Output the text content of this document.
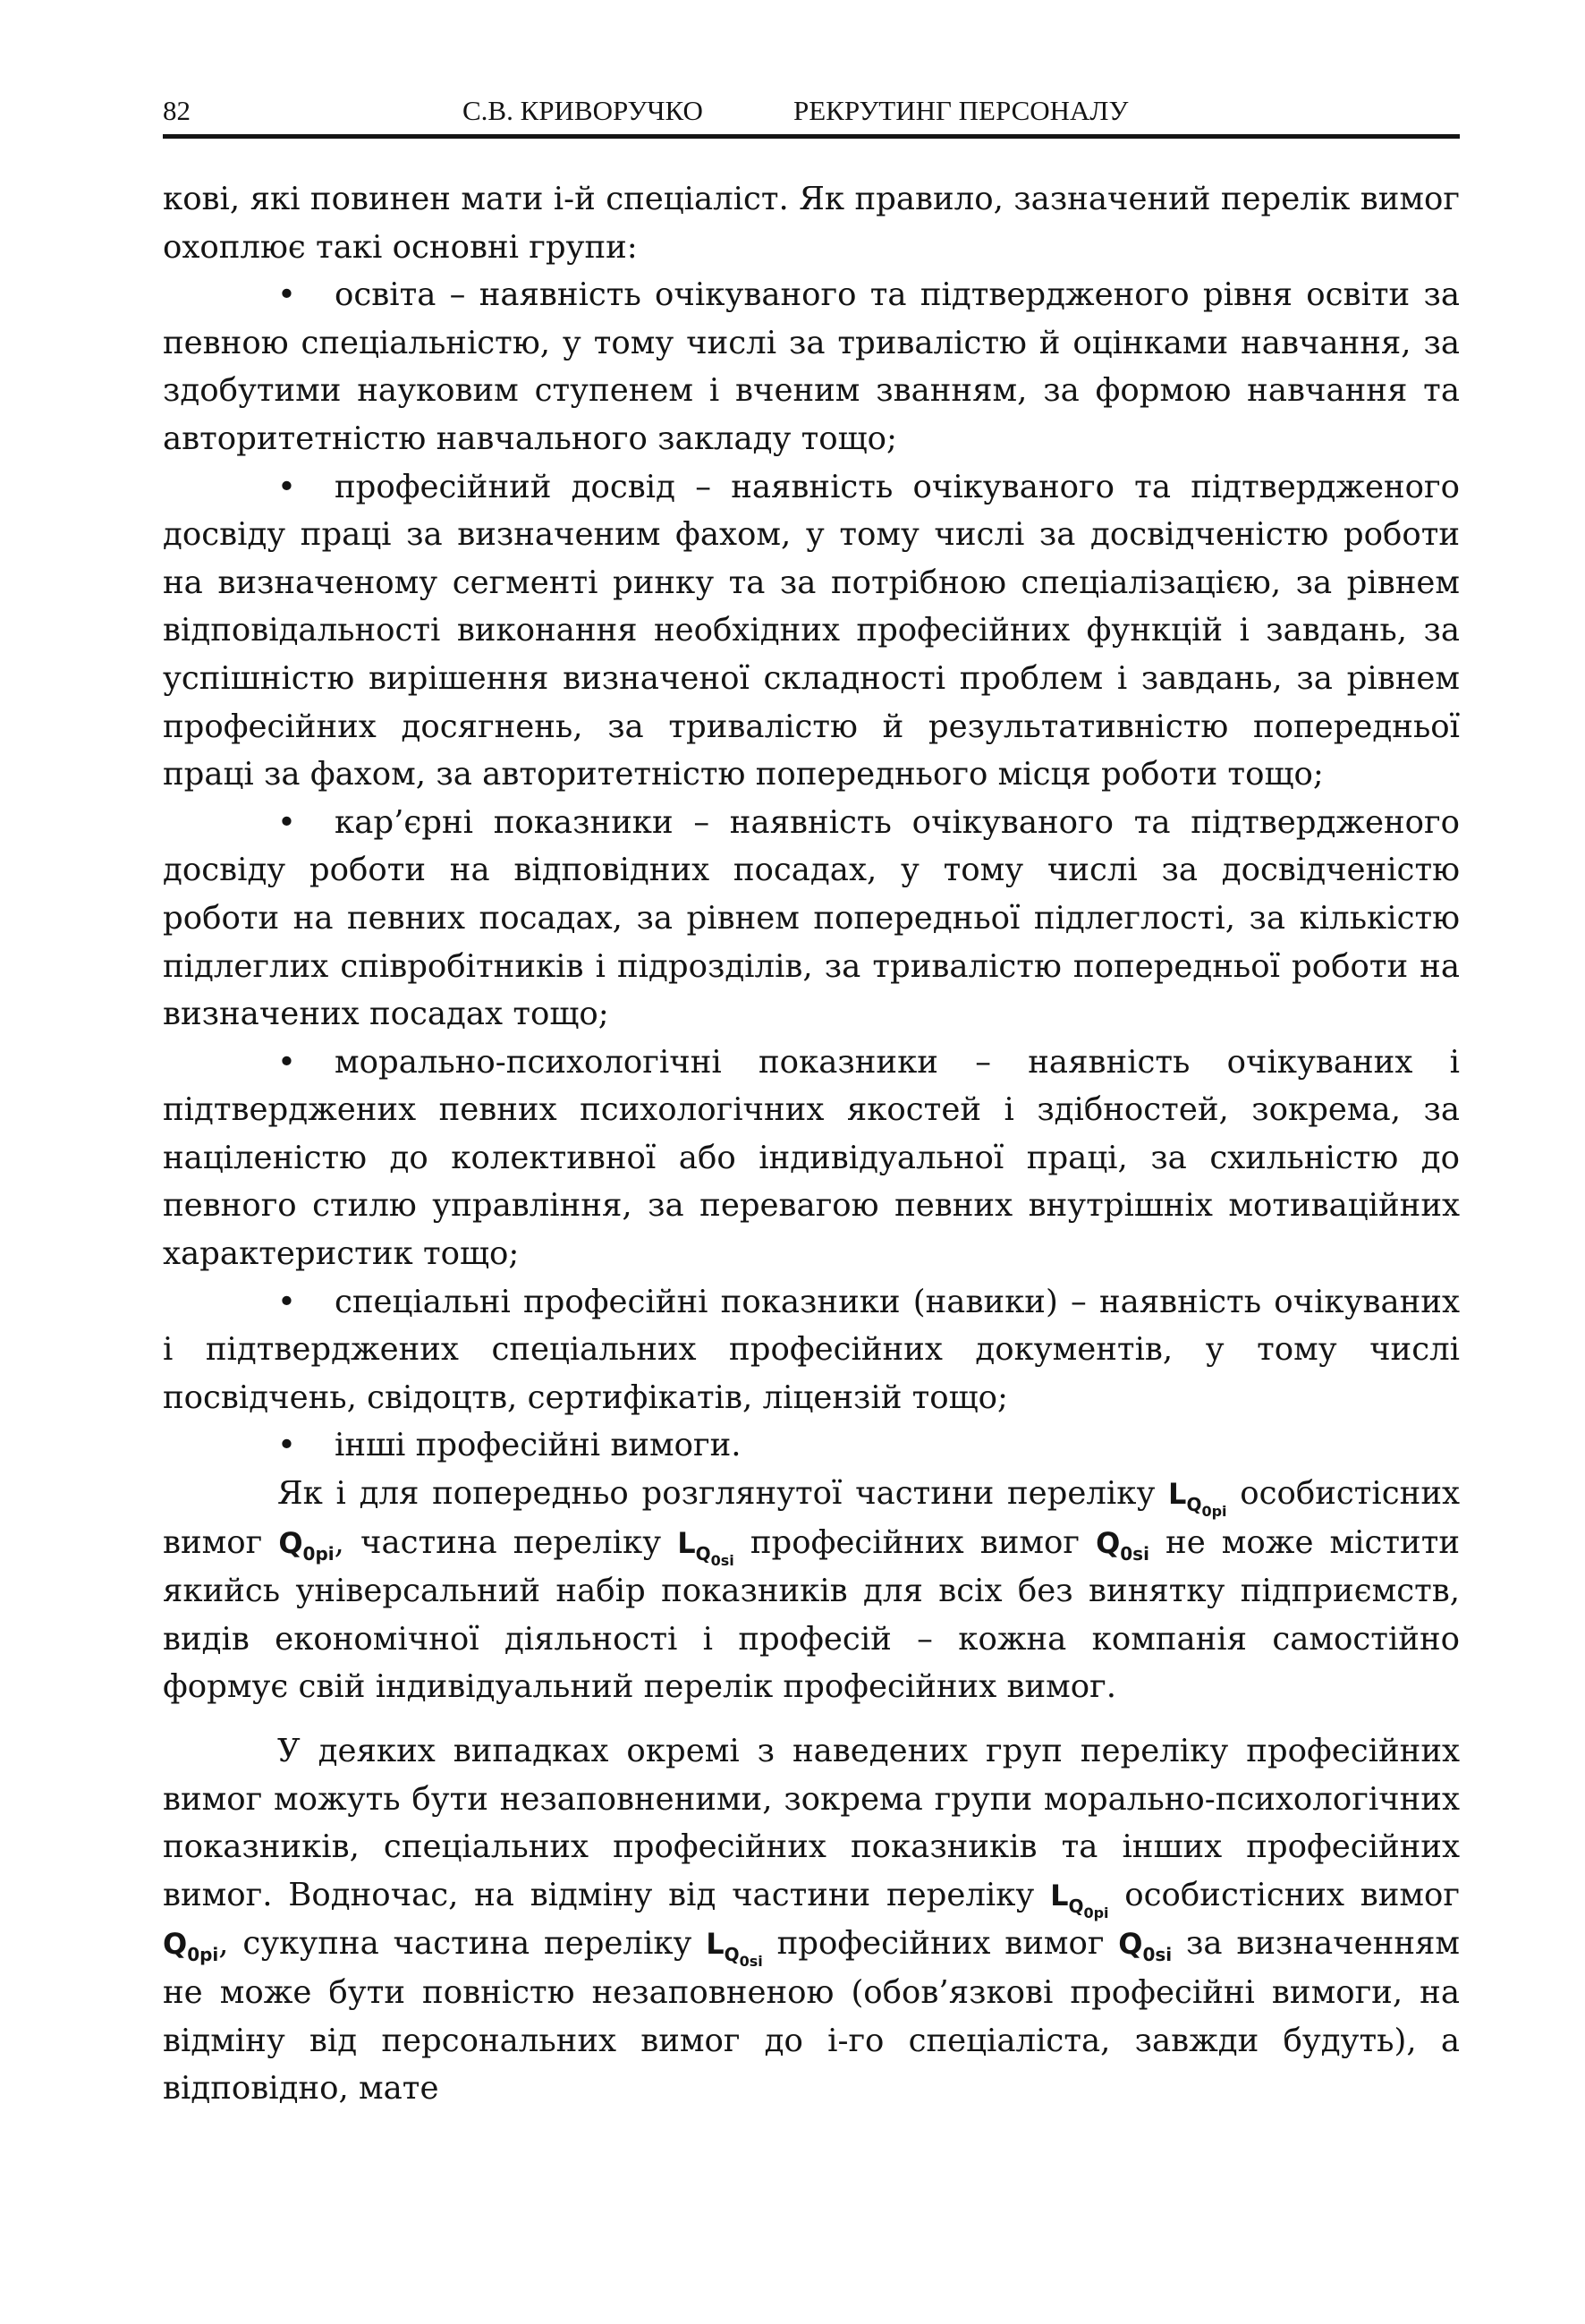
82	С.В. КРИВОРУЧКО	РЕКРУТИНГ ПЕРСОНАЛУ

кові, які повинен мати і-й спеціаліст. Як правило, зазначений перелік вимог охоплює такі основні групи:

• освіта – наявність очікуваного та підтвердженого рівня освіти за певною спеціальністю, у тому числі за тривалістю й оцінками навчання, за здобутими науковим ступенем і вченим званням, за формою навчання та авторитетністю навчального закладу тощо;

• професійний досвід – наявність очікуваного та підтвердженого досвіду праці за визначеним фахом, у тому числі за досвідченістю роботи на визначеному сегменті ринку та за потрібною спеціалізацією, за рівнем відповідальності виконання необхідних професійних функцій і завдань, за успішністю вирішення визначеної складності проблем і завдань, за рівнем професійних досягнень, за тривалістю й результативністю попередньої праці за фахом, за авторитетністю попереднього місця роботи тощо;

• кар’єрні показники – наявність очікуваного та підтвердженого досвіду роботи на відповідних посадах, у тому числі за досвідченістю роботи на певних посадах, за рівнем попередньої підлеглості, за кількістю підлеглих співробітників і підрозділів, за тривалістю попередньої роботи на визначених посадах тощо;

• морально-психологічні показники – наявність очікуваних і підтверджених певних психологічних якостей і здібностей, зокрема, за націленістю до колективної або індивідуальної праці, за схильністю до певного стилю управління, за перевагою певних внутрішніх мотиваційних характеристик тощо;

• спеціальні професійні показники (навики) – наявність очікуваних і підтверджених спеціальних професійних документів, у тому числі посвідчень, свідоцтв, сертифікатів, ліцензій тощо;

• інші професійні вимоги.

Як і для попередньо розглянутої частини переліку $L_{Q_{0pi}}$ особистісних вимог $Q_{0pi}$, частина переліку $L_{Q_{0si}}$ професійних вимог $Q_{0si}$ не може містити якийсь універсальний набір показників для всіх без винятку підприємств, видів економічної діяльності і професій – кожна компанія самостійно формує свій індивідуальний перелік професійних вимог.

У деяких випадках окремі з наведених груп переліку професійних вимог можуть бути незаповненими, зокрема групи морально-психологічних показників, спеціальних професійних показників та інших професійних вимог. Водночас, на відміну від частини переліку $L_{Q_{0pi}}$ особистісних вимог $Q_{0pi}$, сукупна частина переліку $L_{Q_{0si}}$ професійних вимог $Q_{0si}$ за визначенням не може бути повністю незаповненою (обов’язкові професійні вимоги, на відміну від персональних вимог до і-го спеціаліста, завжди будуть), а відповідно, мате
